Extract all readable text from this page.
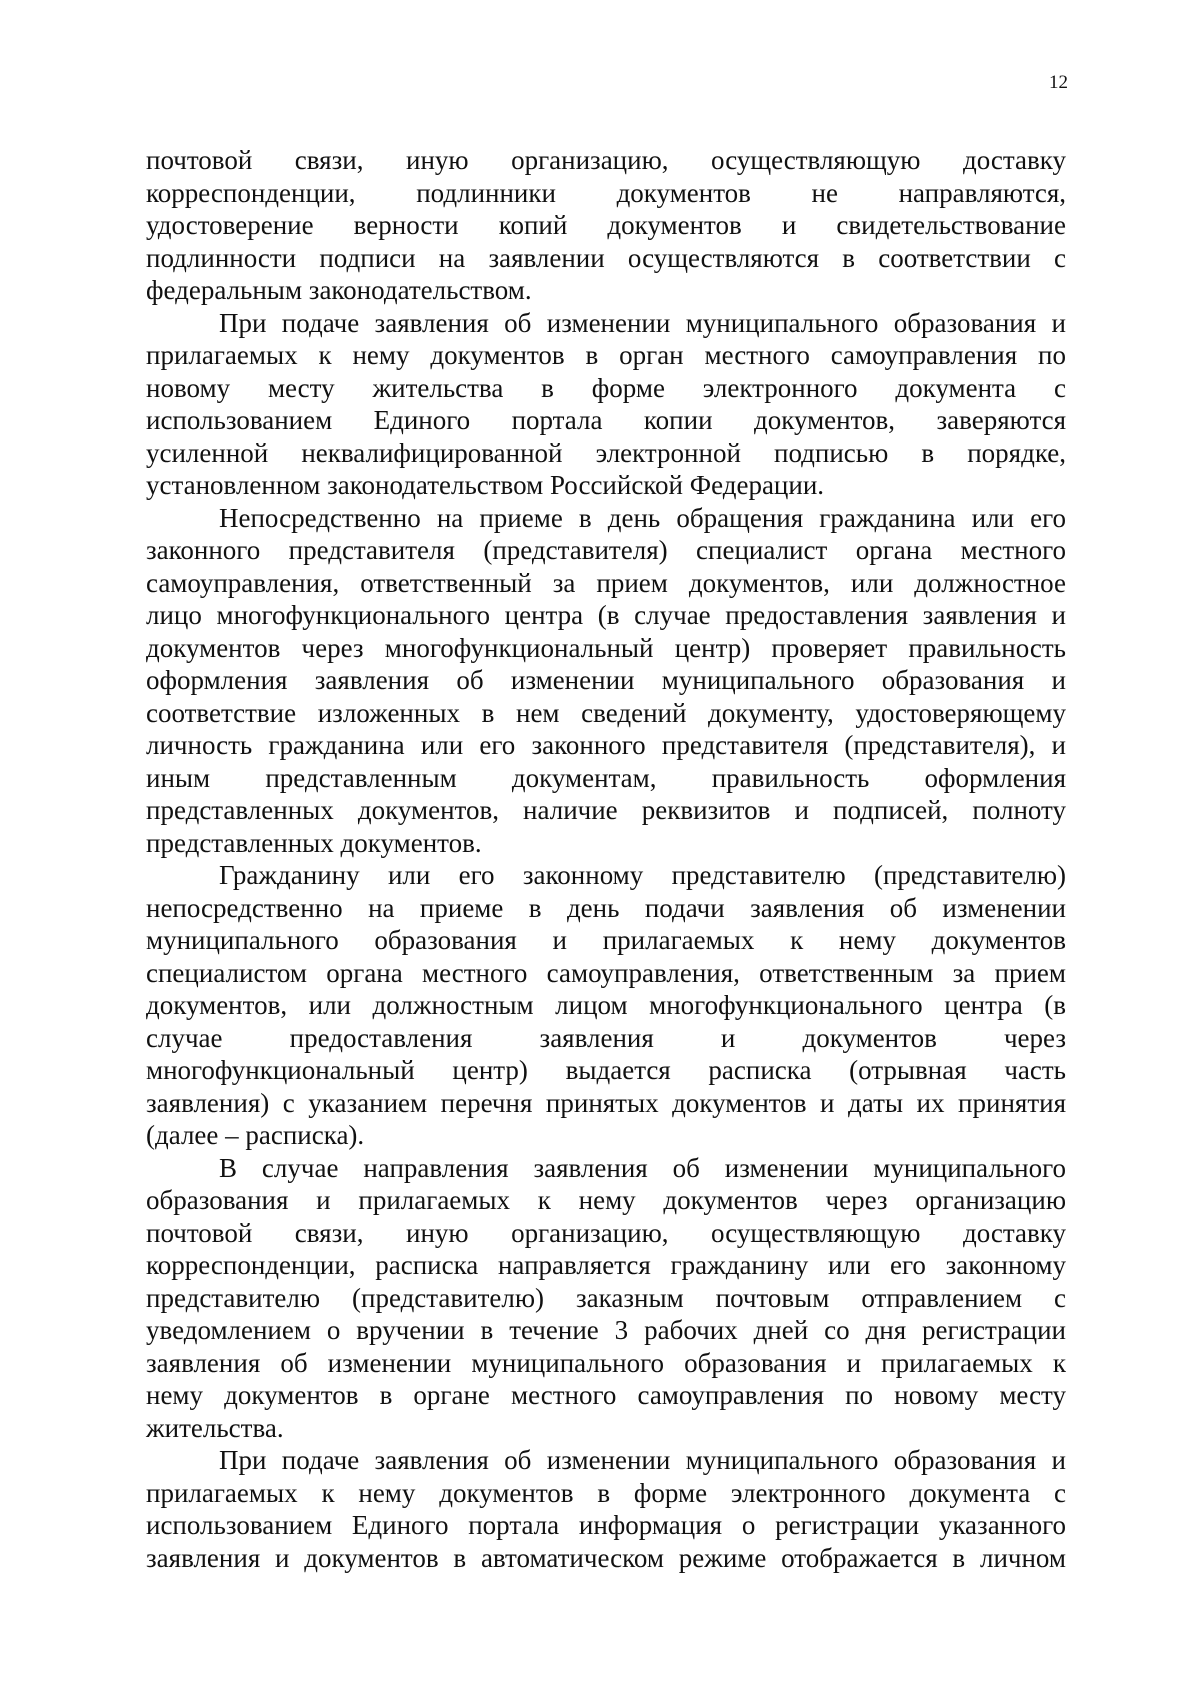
12
почтовой связи, иную организацию, осуществляющую доставку
корреспонденции, подлинники документов не направляются,
удостоверение верности копий документов и свидетельствование
подлинности подписи на заявлении осуществляются в соответствии с
федеральным законодательством.
При подаче заявления об изменении муниципального образования и
прилагаемых к нему документов в орган местного самоуправления по
новому месту жительства в форме электронного документа с
использованием Единого портала копии документов, заверяются
усиленной неквалифицированной электронной подписью в порядке,
установленном законодательством Российской Федерации.
Непосредственно на приеме в день обращения гражданина или его
законного представителя (представителя) специалист органа местного
самоуправления, ответственный за прием документов, или должностное
лицо многофункционального центра (в случае предоставления заявления и
документов через многофункциональный центр) проверяет правильность
оформления заявления об изменении муниципального образования и
соответствие изложенных в нем сведений документу, удостоверяющему
личность гражданина или его законного представителя (представителя), и
иным представленным документам, правильность оформления
представленных документов, наличие реквизитов и подписей, полноту
представленных документов.
Гражданину или его законному представителю (представителю)
непосредственно на приеме в день подачи заявления об изменении
муниципального образования и прилагаемых к нему документов
специалистом органа местного самоуправления, ответственным за прием
документов, или должностным лицом многофункционального центра (в
случае предоставления заявления и документов через
многофункциональный центр) выдается расписка (отрывная часть
заявления) с указанием перечня принятых документов и даты их принятия
(далее – расписка).
В случае направления заявления об изменении муниципального
образования и прилагаемых к нему документов через организацию
почтовой связи, иную организацию, осуществляющую доставку
корреспонденции, расписка направляется гражданину или его законному
представителю (представителю) заказным почтовым отправлением с
уведомлением о вручении в течение 3 рабочих дней со дня регистрации
заявления об изменении муниципального образования и прилагаемых к
нему документов в органе местного самоуправления по новому месту
жительства.
При подаче заявления об изменении муниципального образования и
прилагаемых к нему документов в форме электронного документа с
использованием Единого портала информация о регистрации указанного
заявления и документов в автоматическом режиме отображается в личном
